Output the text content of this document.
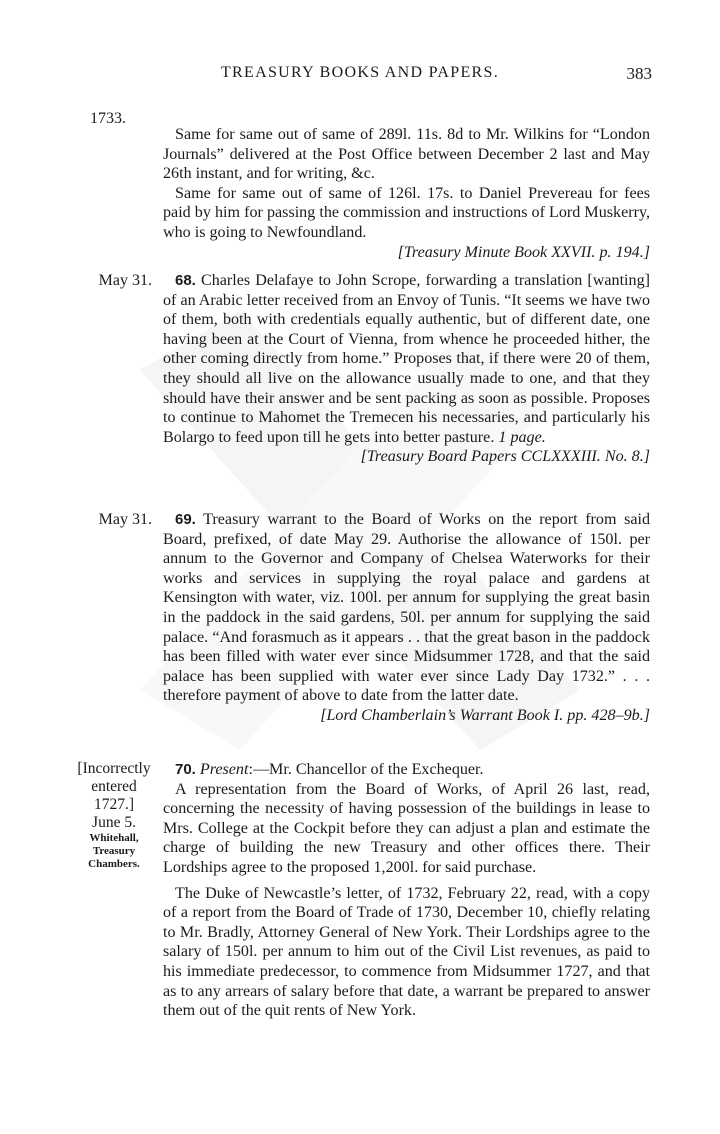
TREASURY BOOKS AND PAPERS.	383
1733.

Same for same out of same of 289l. 11s. 8d to Mr. Wilkins for “London Journals” delivered at the Post Office between December 2 last and May 26th instant, and for writing, &c.

Same for same out of same of 126l. 17s. to Daniel Prevereau for fees paid by him for passing the commission and instructions of Lord Muskerry, who is going to Newfoundland.

[Treasury Minute Book XXVII. p. 194.]

May 31.	68. Charles Delafaye to John Scrope, forwarding a translation [wanting] of an Arabic letter received from an Envoy of Tunis. “It seems we have two of them, both with credentials equally authentic, but of different date, one having been at the Court of Vienna, from whence he proceeded hither, the other coming directly from home.” Proposes that, if there were 20 of them, they should all live on the allowance usually made to one, and that they should have their answer and be sent packing as soon as possible. Proposes to continue to Mahomet the Tremecen his necessaries, and particularly his Bolargo to feed upon till he gets into better pasture. 1 page.

[Treasury Board Papers CCLXXXIII. No. 8.]

May 31.	69. Treasury warrant to the Board of Works on the report from said Board, prefixed, of date May 29. Authorise the allowance of 150l. per annum to the Governor and Company of Chelsea Waterworks for their works and services in supplying the royal palace and gardens at Kensington with water, viz. 100l. per annum for supplying the great basin in the paddock in the said gardens, 50l. per annum for supplying the said palace. “And forasmuch as it appears . . that the great bason in the paddock has been filled with water ever since Midsummer 1728, and that the said palace has been supplied with water ever since Lady Day 1732.” . . . therefore payment of above to date from the latter date.

[Lord Chamberlain’s Warrant Book I. pp. 428–9b.]

[Incorrectly
entered
1727.]
June 5.
Whitehall,
Treasury
Chambers.

70. Present:—Mr. Chancellor of the Exchequer.

A representation from the Board of Works, of April 26 last, read, concerning the necessity of having possession of the buildings in lease to Mrs. College at the Cockpit before they can adjust a plan and estimate the charge of building the new Treasury and other offices there. Their Lordships agree to the proposed 1,200l. for said purchase.

The Duke of Newcastle’s letter, of 1732, February 22, read, with a copy of a report from the Board of Trade of 1730, December 10, chiefly relating to Mr. Bradly, Attorney General of New York. Their Lordships agree to the salary of 150l. per annum to him out of the Civil List revenues, as paid to his immediate predecessor, to commence from Midsummer 1727, and that as to any arrears of salary before that date, a warrant be prepared to answer them out of the quit rents of New York.
